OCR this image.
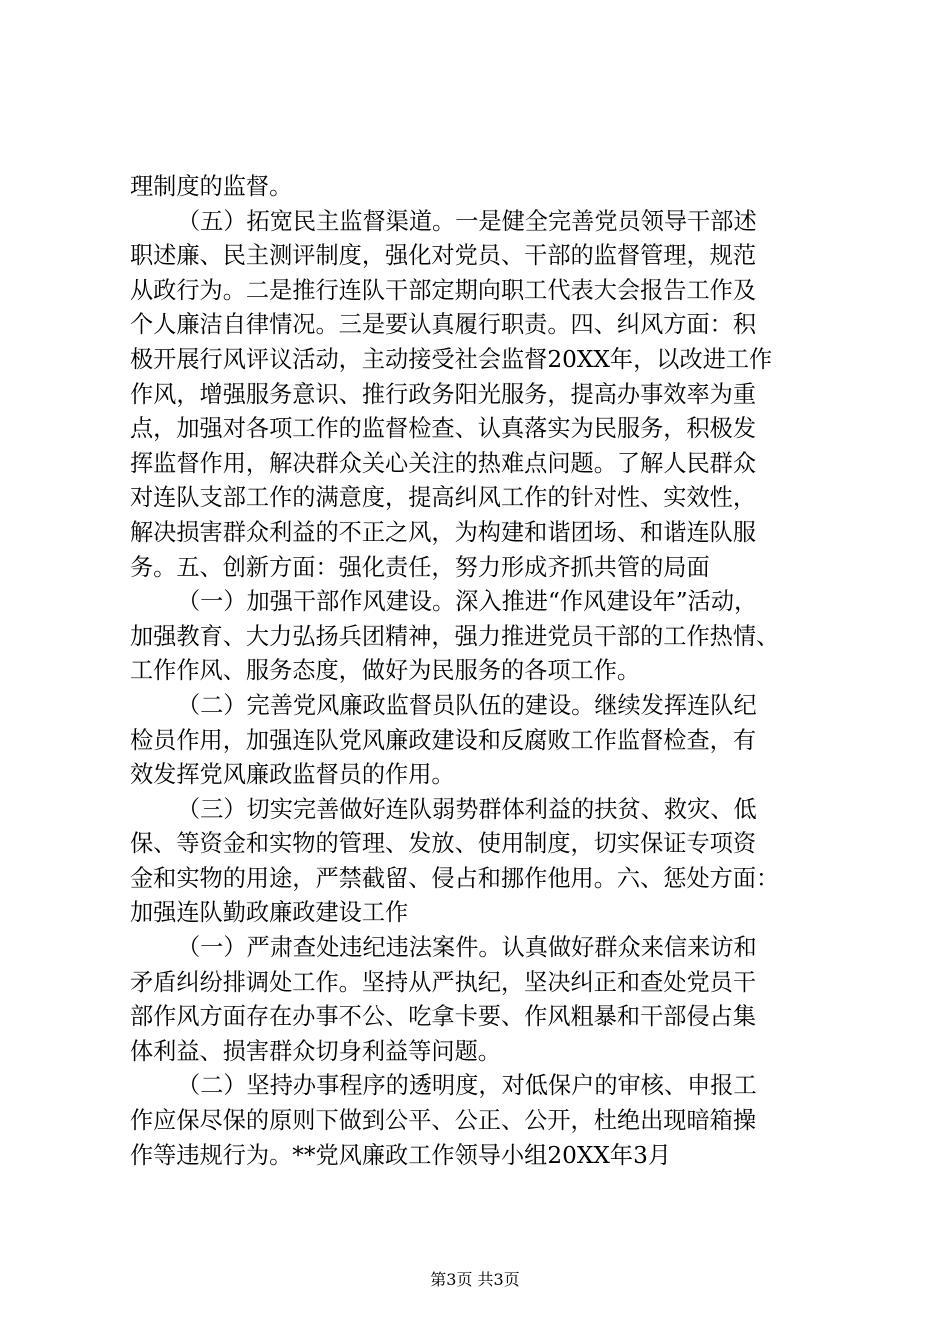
理制度的监督。
（五）拓宽民主监督渠道。一是健全完善党员领导干部述
职述廉、民主测评制度，强化对党员、干部的监督管理，规范
从政行为。二是推行连队干部定期向职工代表大会报告工作及
个人廉洁自律情况。三是要认真履行职责。四、纠风方面：积
极开展行风评议活动，主动接受社会监督20XX年，以改进工作
作风，增强服务意识、推行政务阳光服务，提高办事效率为重
点，加强对各项工作的监督检查、认真落实为民服务，积极发
挥监督作用，解决群众关心关注的热难点问题。了解人民群众
对连队支部工作的满意度，提高纠风工作的针对性、实效性，
解决损害群众利益的不正之风，为构建和谐团场、和谐连队服
务。五、创新方面：强化责任，努力形成齐抓共管的局面
（一）加强干部作风建设。深入推进“作风建设年”活动，
加强教育、大力弘扬兵团精神，强力推进党员干部的工作热情、
工作作风、服务态度，做好为民服务的各项工作。
（二）完善党风廉政监督员队伍的建设。继续发挥连队纪
检员作用，加强连队党风廉政建设和反腐败工作监督检查，有
效发挥党风廉政监督员的作用。
（三）切实完善做好连队弱势群体利益的扶贫、救灾、低
保、等资金和实物的管理、发放、使用制度，切实保证专项资
金和实物的用途，严禁截留、侵占和挪作他用。六、惩处方面：
加强连队勤政廉政建设工作
（一）严肃查处违纪违法案件。认真做好群众来信来访和
矛盾纠纷排调处工作。坚持从严执纪，坚决纠正和查处党员干
部作风方面存在办事不公、吃拿卡要、作风粗暴和干部侵占集
体利益、损害群众切身利益等问题。
（二）坚持办事程序的透明度，对低保户的审核、申报工
作应保尽保的原则下做到公平、公正、公开，杜绝出现暗箱操
作等违规行为。**党风廉政工作领导小组20XX年3月
第3页 共3页
